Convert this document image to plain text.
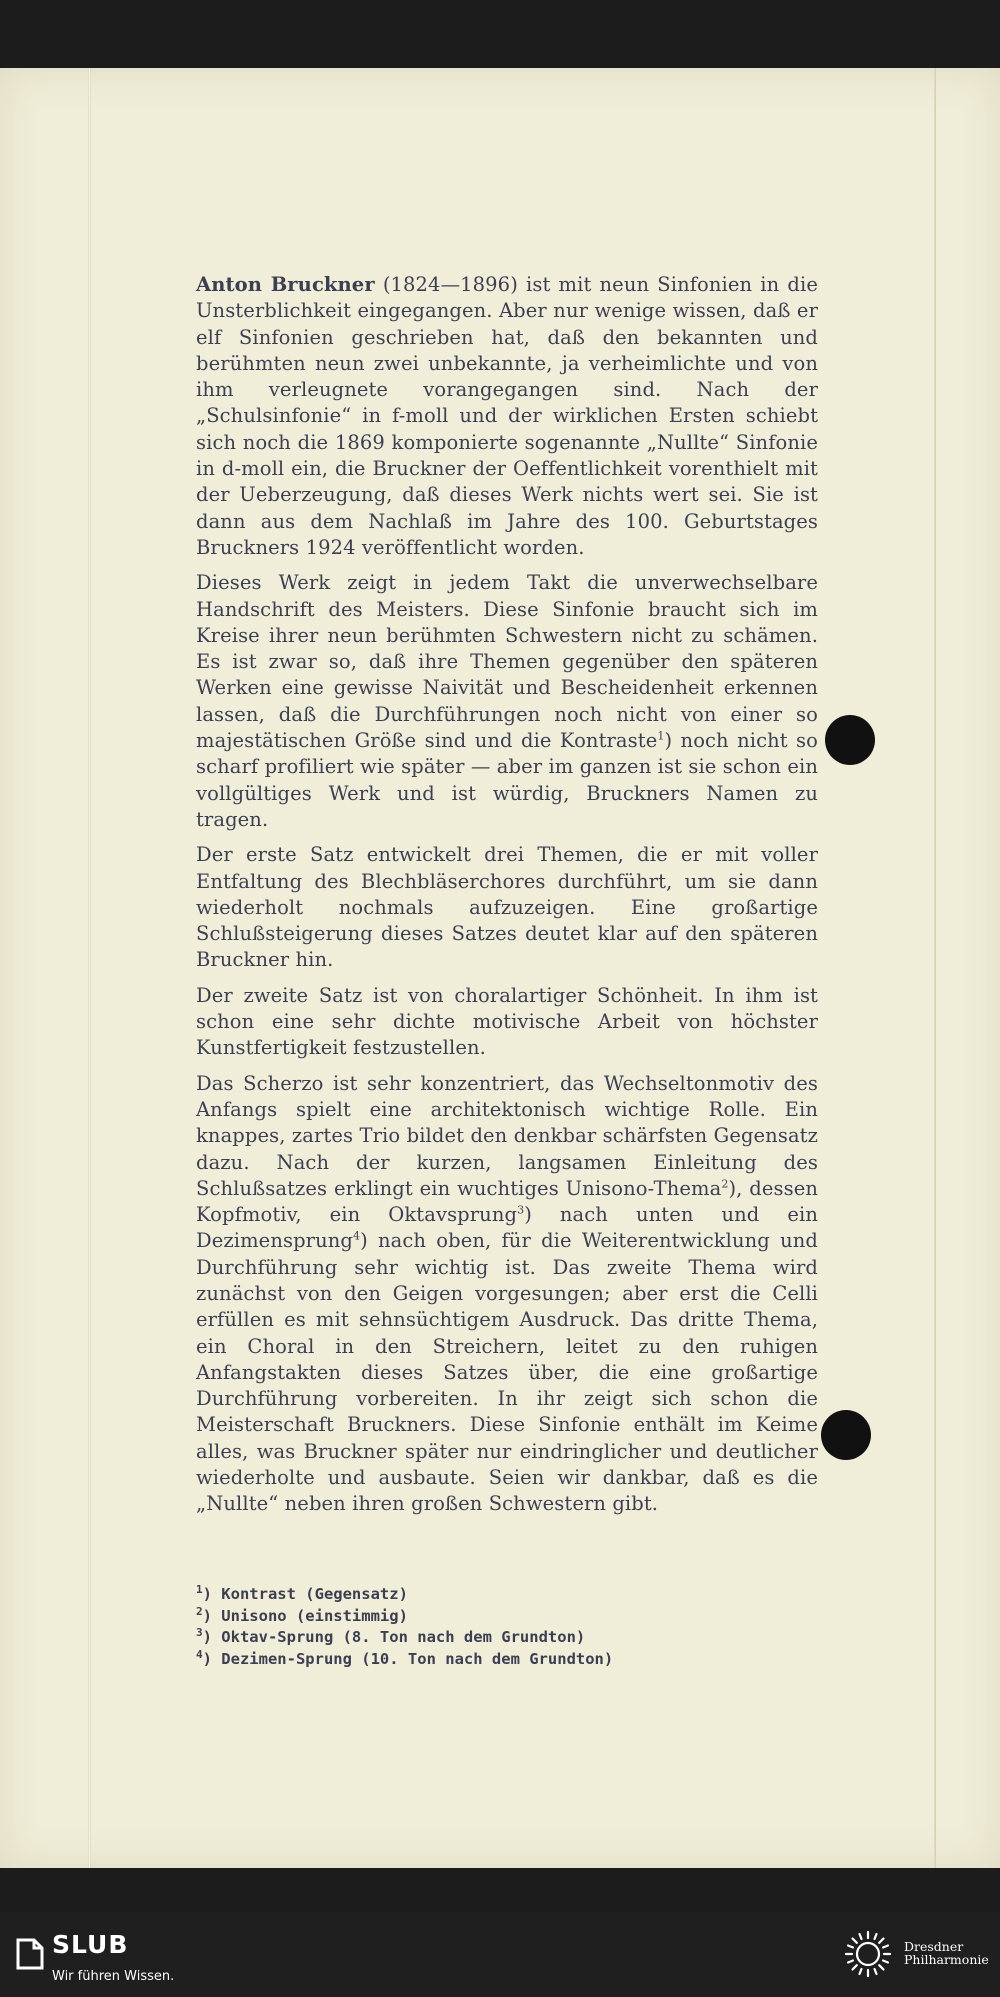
Anton Bruckner (1824—1896) ist mit neun Sinfonien in die Unsterblichkeit eingegangen. Aber nur wenige wissen, daß er elf Sinfonien geschrieben hat, daß den bekannten und berühmten neun zwei unbekannte, ja verheimlichte und von ihm verleugnete vorangegangen sind. Nach der „Schulsinfonie“ in f-moll und der wirklichen Ersten schiebt sich noch die 1869 komponierte sogenannte „Nullte“ Sinfonie in d-moll ein, die Bruckner der Oeffentlichkeit vorenthielt mit der Ueberzeugung, daß dieses Werk nichts wert sei. Sie ist dann aus dem Nachlaß im Jahre des 100. Geburtstages Bruckners 1924 veröffentlicht worden.

Dieses Werk zeigt in jedem Takt die unverwechselbare Handschrift des Meisters. Diese Sinfonie braucht sich im Kreise ihrer neun berühmten Schwestern nicht zu schämen. Es ist zwar so, daß ihre Themen gegenüber den späteren Werken eine gewisse Naivität und Bescheidenheit erkennen lassen, daß die Durchführungen noch nicht von einer so majestätischen Größe sind und die Kontraste$^1$) noch nicht so scharf profiliert wie später — aber im ganzen ist sie schon ein vollgültiges Werk und ist würdig, Bruckners Namen zu tragen.

Der erste Satz entwickelt drei Themen, die er mit voller Entfaltung des Blechbläserchores durchführt, um sie dann wiederholt nochmals aufzuzeigen. Eine großartige Schlußsteigerung dieses Satzes deutet klar auf den späteren Bruckner hin.

Der zweite Satz ist von choralartiger Schönheit. In ihm ist schon eine sehr dichte motivische Arbeit von höchster Kunstfertigkeit festzustellen.

Das Scherzo ist sehr konzentriert, das Wechseltonmotiv des Anfangs spielt eine architektonisch wichtige Rolle. Ein knappes, zartes Trio bildet den denkbar schärfsten Gegensatz dazu. Nach der kurzen, langsamen Einleitung des Schlußsatzes erklingt ein wuchtiges Unisono-Thema$^2$), dessen Kopfmotiv, ein Oktavsprung$^3$) nach unten und ein Dezimensprung$^4$) nach oben, für die Weiterentwicklung und Durchführung sehr wichtig ist. Das zweite Thema wird zunächst von den Geigen vorgesungen; aber erst die Celli erfüllen es mit sehnsüchtigem Ausdruck. Das dritte Thema, ein Choral in den Streichern, leitet zu den ruhigen Anfangstakten dieses Satzes über, die eine großartige Durchführung vorbereiten. In ihr zeigt sich schon die Meisterschaft Bruckners. Diese Sinfonie enthält im Keime alles, was Bruckner später nur eindringlicher und deutlicher wiederholte und ausbaute. Seien wir dankbar, daß es die „Nullte“ neben ihren großen Schwestern gibt.

$^1$) Kontrast (Gegensatz)
$^2$) Unisono (einstimmig)
$^3$) Oktav-Sprung (8. Ton nach dem Grundton)
$^4$) Dezimen-Sprung (10. Ton nach dem Grundton)
SLUB
Wir führen Wissen.
Dresdner
Philharmonie
